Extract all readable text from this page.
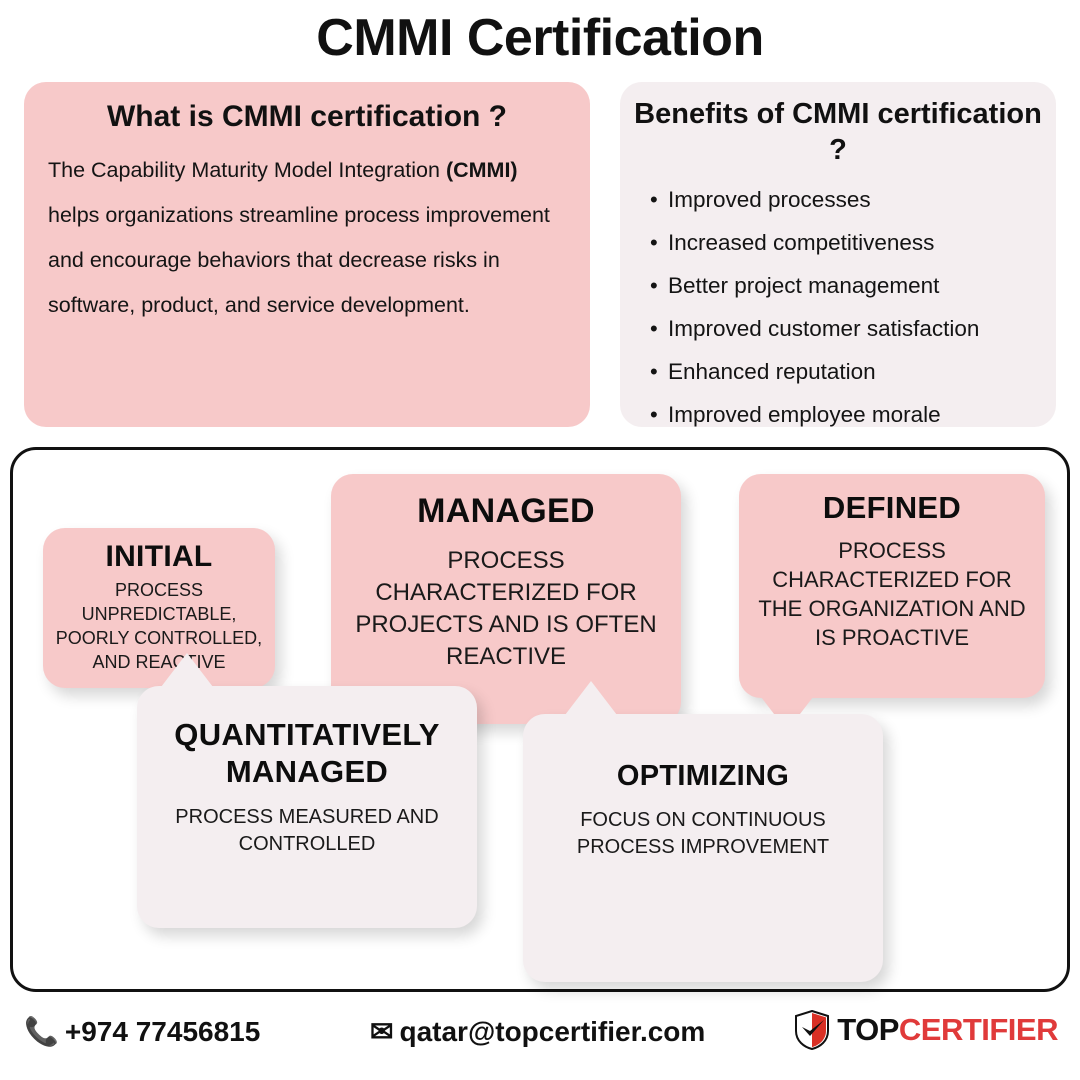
CMMI Certification
What is CMMI certification ?

The Capability Maturity Model Integration (CMMI) helps organizations streamline process improvement and encourage behaviors that decrease risks in software, product, and service development.

Benefits of CMMI certification ?
• Improved processes
• Increased competitiveness
• Better project management
• Improved customer satisfaction
• Enhanced reputation
• Improved employee morale
INITIAL
PROCESS UNPREDICTABLE, POORLY CONTROLLED, AND REACTIVE
MANAGED
PROCESS CHARACTERIZED FOR PROJECTS AND IS OFTEN REACTIVE
DEFINED
PROCESS CHARACTERIZED FOR THE ORGANIZATION AND IS PROACTIVE
QUANTITATIVELY MANAGED
PROCESS MEASURED AND CONTROLLED
OPTIMIZING
FOCUS ON CONTINUOUS PROCESS IMPROVEMENT
📞 +974 77456815	✉ qatar@topcertifier.com	TOPCERTIFIER
